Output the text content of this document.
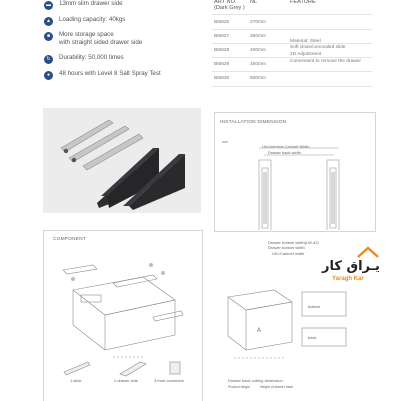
▬	13mm slim drawer side
▲	Loading capacity: 40kgs
■	More storage space
with straight sided drawer side
↻	Durability: 50,000 times
●	48 hours with Level 8 Salt Spray Test
ART NO.
(Dark Grey )
NL	FEATURE
BI6626	270mm
BI6627	350mm
BI6628	400mm
BI6629	450mm
BI6630	500mm
Material: Steel
Soft close/concealed slide
2D Adjustment
Convenient to remove the drawer
INSTALLATION DIMENSION
mm
LW=Internal Cabinet Width
Drawer back width
Drawer bottom width(LW-42)
Drawer bottom width
LW=Cabinet width
COMPONENT
1.slide	2.drawer side	3.front connector
A
bottom
back
Drawer back cutting dimension
Product height	Height of drawer back
یـراق کار
Yaragh Kar
